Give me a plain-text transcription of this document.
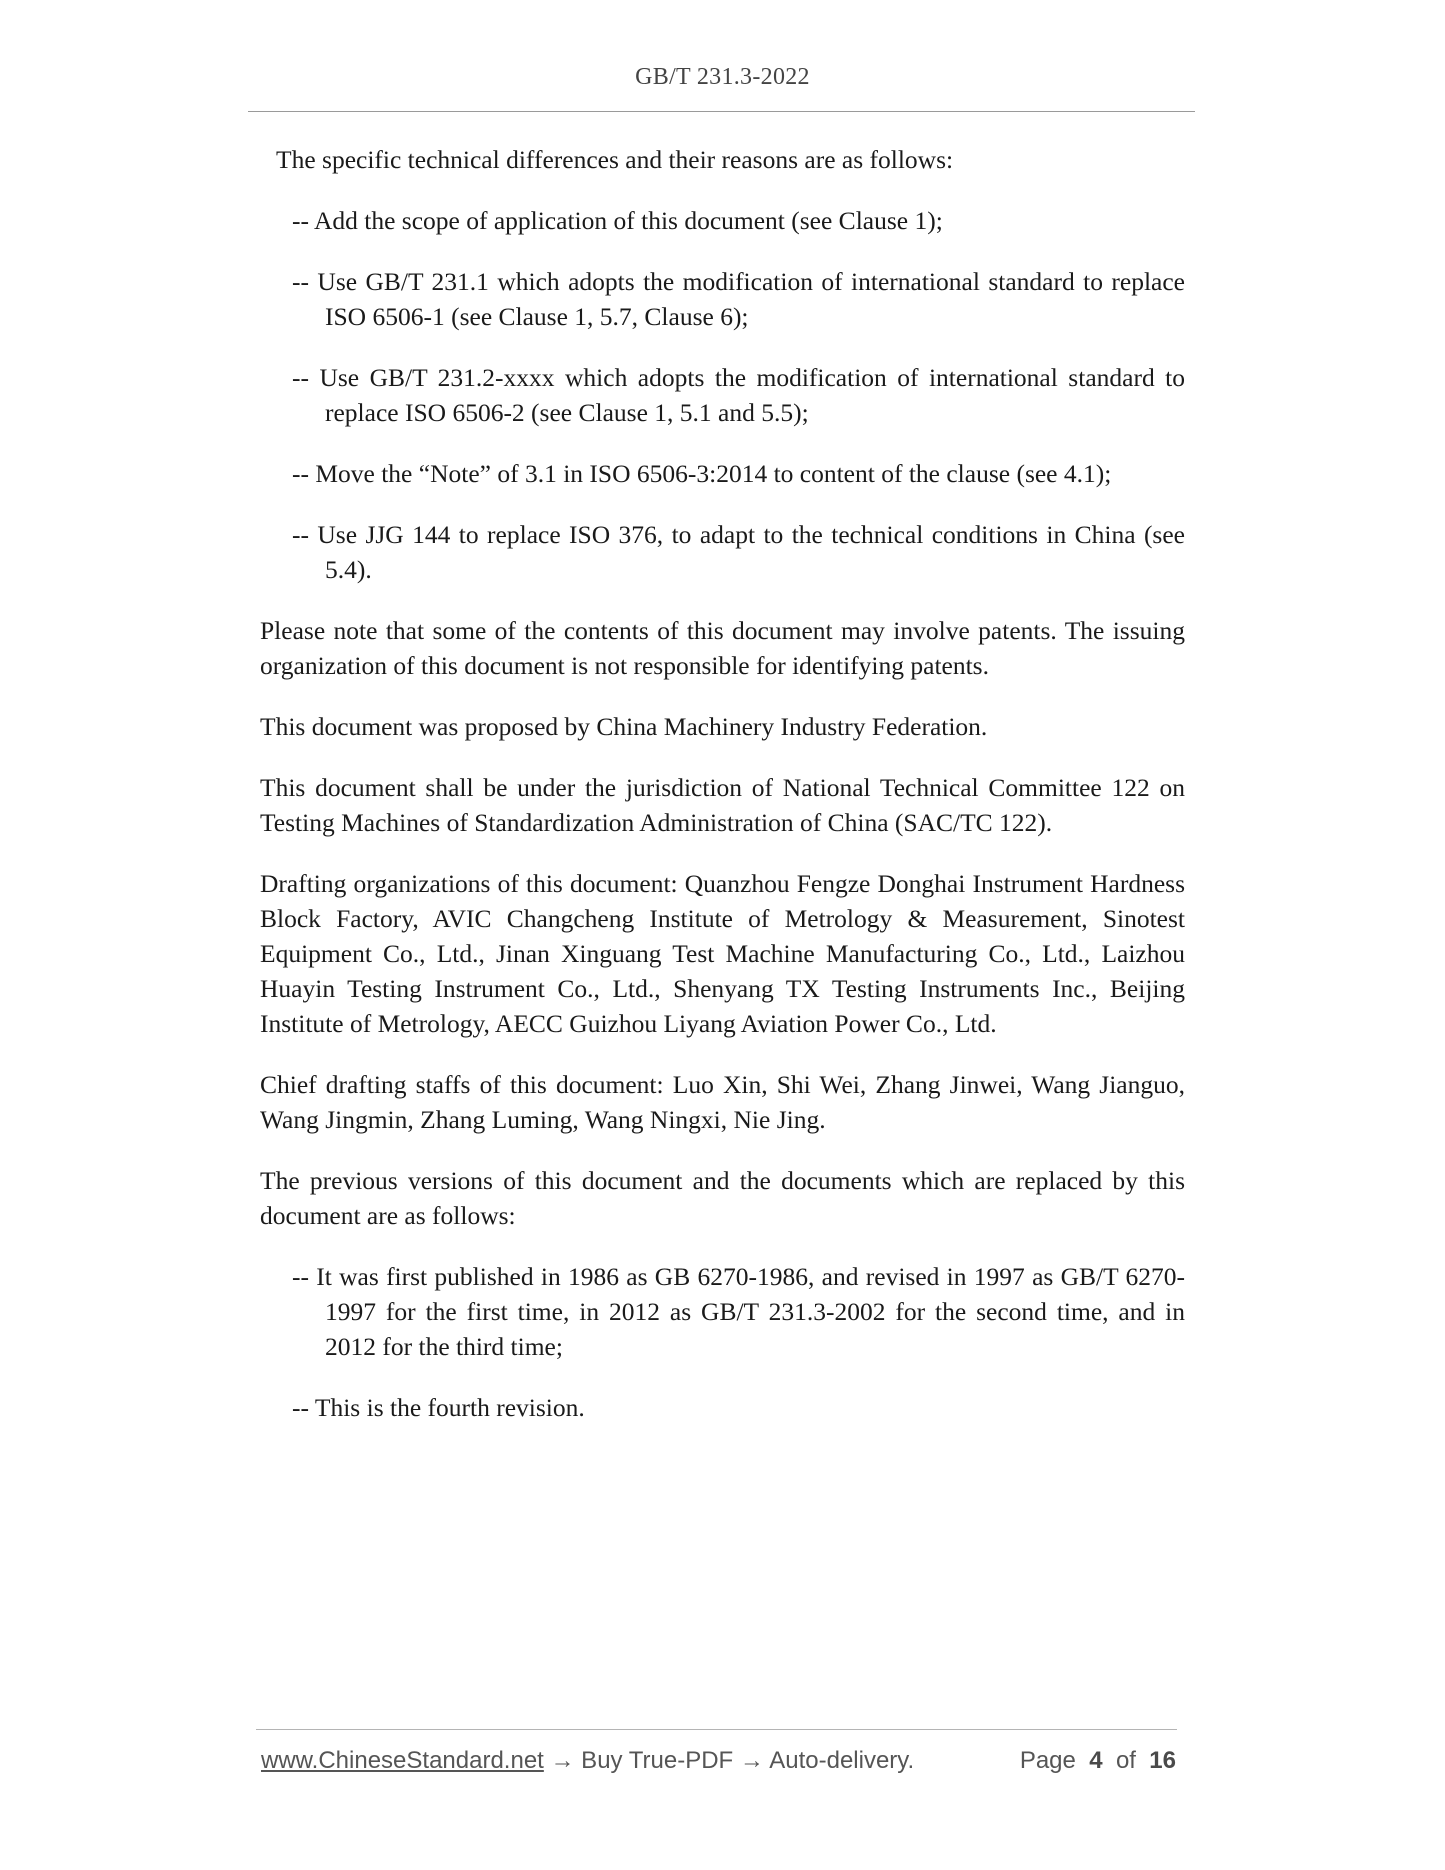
GB/T 231.3-2022

The specific technical differences and their reasons are as follows:

-- Add the scope of application of this document (see Clause 1);

-- Use GB/T 231.1 which adopts the modification of international standard to replace ISO 6506-1 (see Clause 1, 5.7, Clause 6);

-- Use GB/T 231.2-xxxx which adopts the modification of international standard to replace ISO 6506-2 (see Clause 1, 5.1 and 5.5);

-- Move the “Note” of 3.1 in ISO 6506-3:2014 to content of the clause (see 4.1);

-- Use JJG 144 to replace ISO 376, to adapt to the technical conditions in China (see 5.4).

Please note that some of the contents of this document may involve patents. The issuing organization of this document is not responsible for identifying patents.

This document was proposed by China Machinery Industry Federation.

This document shall be under the jurisdiction of National Technical Committee 122 on Testing Machines of Standardization Administration of China (SAC/TC 122).

Drafting organizations of this document: Quanzhou Fengze Donghai Instrument Hardness Block Factory, AVIC Changcheng Institute of Metrology & Measurement, Sinotest Equipment Co., Ltd., Jinan Xinguang Test Machine Manufacturing Co., Ltd., Laizhou Huayin Testing Instrument Co., Ltd., Shenyang TX Testing Instruments Inc., Beijing Institute of Metrology, AECC Guizhou Liyang Aviation Power Co., Ltd.

Chief drafting staffs of this document: Luo Xin, Shi Wei, Zhang Jinwei, Wang Jianguo, Wang Jingmin, Zhang Luming, Wang Ningxi, Nie Jing.

The previous versions of this document and the documents which are replaced by this document are as follows:

-- It was first published in 1986 as GB 6270-1986, and revised in 1997 as GB/T 6270-1997 for the first time, in 2012 as GB/T 231.3-2002 for the second time, and in 2012 for the third time;

-- This is the fourth revision.

www.ChineseStandard.net → Buy True-PDF → Auto-delivery.	Page 4 of 16
